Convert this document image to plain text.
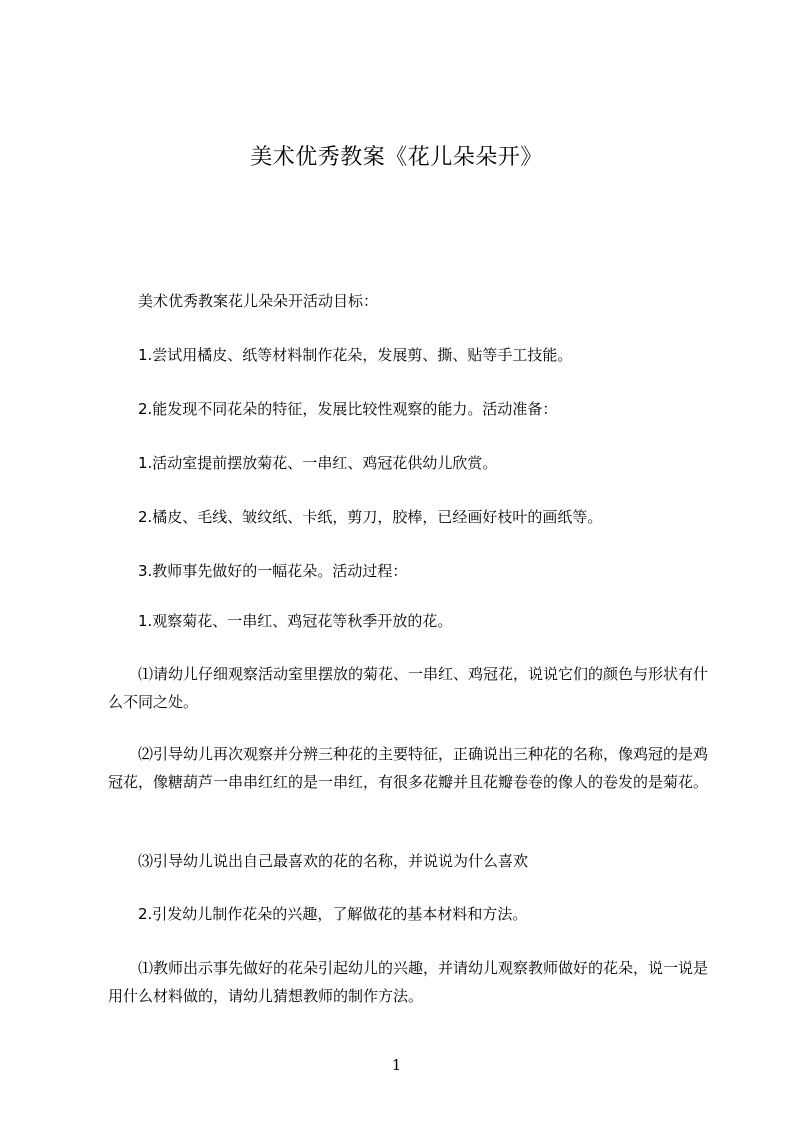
美术优秀教案《花儿朵朵开》

美术优秀教案花儿朵朵开活动目标：

1.尝试用橘皮、纸等材料制作花朵，发展剪、撕、贴等手工技能。

2.能发现不同花朵的特征，发展比较性观察的能力。活动准备：

1.活动室提前摆放菊花、一串红、鸡冠花供幼儿欣赏。

2.橘皮、毛线、皱纹纸、卡纸，剪刀，胶棒，已经画好枝叶的画纸等。

3.教师事先做好的一幅花朵。活动过程：

1.观察菊花、一串红、鸡冠花等秋季开放的花。

⑴请幼儿仔细观察活动室里摆放的菊花、一串红、鸡冠花，说说它们的颜色与形状有什么不同之处。

⑵引导幼儿再次观察并分辨三种花的主要特征，正确说出三种花的名称，像鸡冠的是鸡冠花，像糖葫芦一串串红红的是一串红，有很多花瓣并且花瓣卷卷的像人的卷发的是菊花。

⑶引导幼儿说出自己最喜欢的花的名称，并说说为什么喜欢

2.引发幼儿制作花朵的兴趣，了解做花的基本材料和方法。

⑴教师出示事先做好的花朵引起幼儿的兴趣，并请幼儿观察教师做好的花朵，说一说是用什么材料做的，请幼儿猜想教师的制作方法。

1
